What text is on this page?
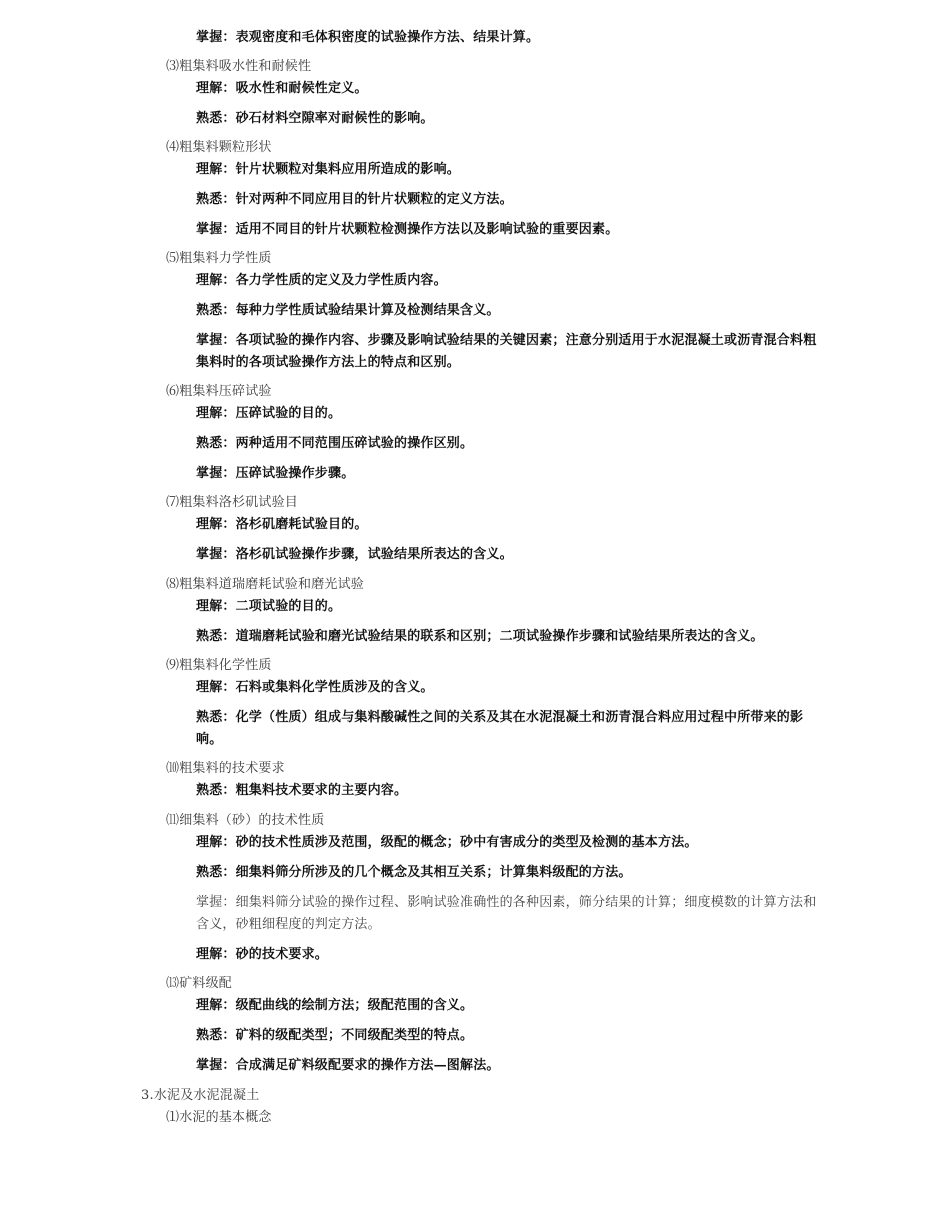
掌握：表观密度和毛体积密度的试验操作方法、结果计算。
⑶粗集料吸水性和耐候性
理解：吸水性和耐候性定义。
熟悉：砂石材料空隙率对耐候性的影响。
⑷粗集料颗粒形状
理解：针片状颗粒对集料应用所造成的影响。
熟悉：针对两种不同应用目的针片状颗粒的定义方法。
掌握：适用不同目的针片状颗粒检测操作方法以及影响试验的重要因素。
⑸粗集料力学性质
理解：各力学性质的定义及力学性质内容。
熟悉：每种力学性质试验结果计算及检测结果含义。
掌握：各项试验的操作内容、步骤及影响试验结果的关键因素；注意分别适用于水泥混凝土或沥青混合料粗集料时的各项试验操作方法上的特点和区别。
⑹粗集料压碎试验
理解：压碎试验的目的。
熟悉：两种适用不同范围压碎试验的操作区别。
掌握：压碎试验操作步骤。
⑺粗集料洛杉矶试验目
理解：洛杉矶磨耗试验目的。
掌握：洛杉矶试验操作步骤，试验结果所表达的含义。
⑻粗集料道瑞磨耗试验和磨光试验
理解：二项试验的目的。
熟悉：道瑞磨耗试验和磨光试验结果的联系和区别；二项试验操作步骤和试验结果所表达的含义。
⑼粗集料化学性质
理解：石料或集料化学性质涉及的含义。
熟悉：化学（性质）组成与集料酸碱性之间的关系及其在水泥混凝土和沥青混合料应用过程中所带来的影响。
⑽粗集料的技术要求
熟悉：粗集料技术要求的主要内容。
⑾细集料（砂）的技术性质
理解：砂的技术性质涉及范围，级配的概念；砂中有害成分的类型及检测的基本方法。
熟悉：细集料筛分所涉及的几个概念及其相互关系；计算集料级配的方法。
掌握：细集料筛分试验的操作过程、影响试验准确性的各种因素，筛分结果的计算；细度模数的计算方法和含义，砂粗细程度的判定方法。
理解：砂的技术要求。
⒀矿料级配
理解：级配曲线的绘制方法；级配范围的含义。
熟悉：矿料的级配类型；不同级配类型的特点。
掌握：合成满足矿料级配要求的操作方法—图解法。
3.水泥及水泥混凝土
⑴水泥的基本概念
